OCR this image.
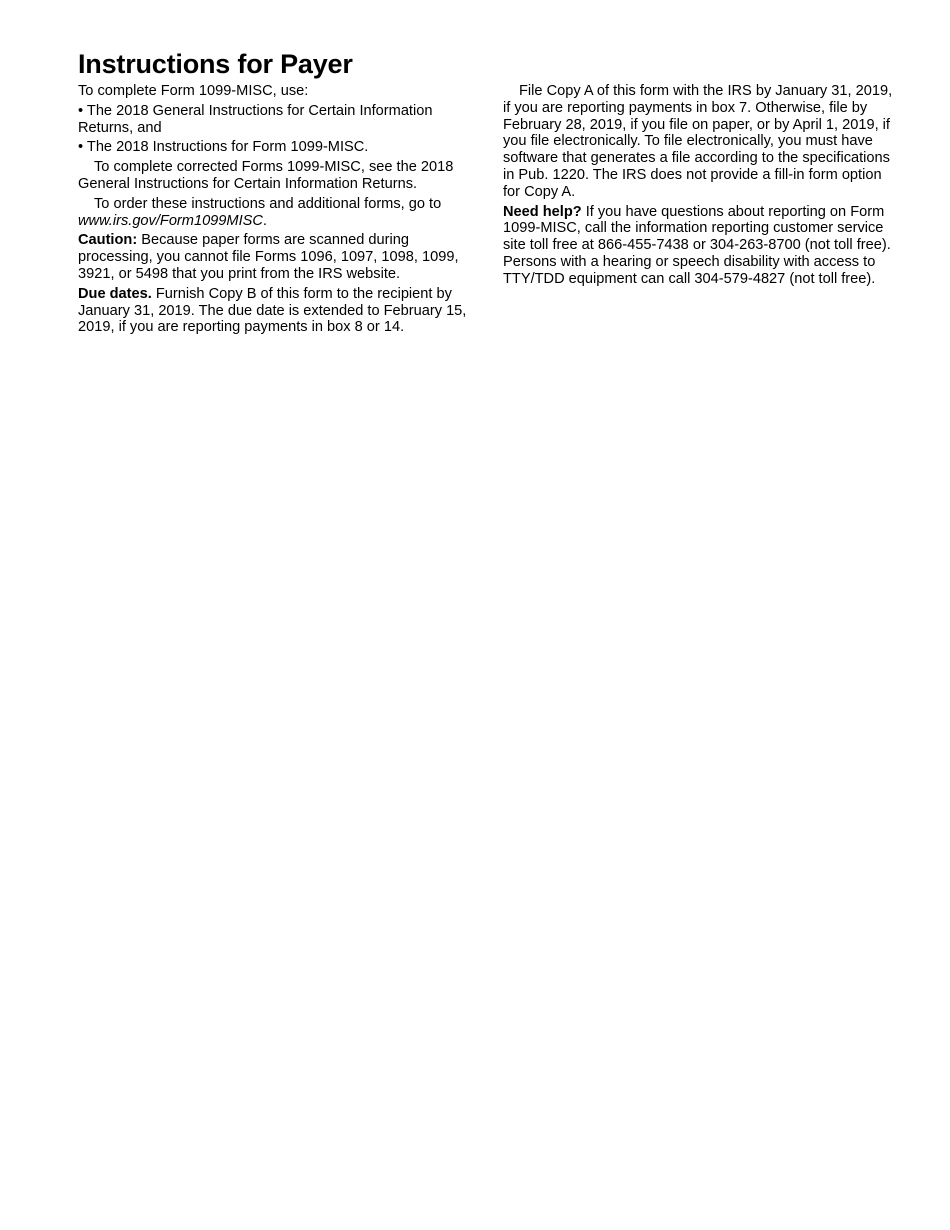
Instructions for Payer

To complete Form 1099-MISC, use:

• The 2018 General Instructions for Certain Information Returns, and

• The 2018 Instructions for Form 1099-MISC.

To complete corrected Forms 1099-MISC, see the 2018 General Instructions for Certain Information Returns.

To order these instructions and additional forms, go to www.irs.gov/Form1099MISC.

Caution: Because paper forms are scanned during processing, you cannot file Forms 1096, 1097, 1098, 1099, 3921, or 5498 that you print from the IRS website.

Due dates. Furnish Copy B of this form to the recipient by January 31, 2019. The due date is extended to February 15, 2019, if you are reporting payments in box 8 or 14.

File Copy A of this form with the IRS by January 31, 2019, if you are reporting payments in box 7. Otherwise, file by February 28, 2019, if you file on paper, or by April 1, 2019, if you file electronically. To file electronically, you must have software that generates a file according to the specifications in Pub. 1220. The IRS does not provide a fill-in form option for Copy A.

Need help? If you have questions about reporting on Form 1099-MISC, call the information reporting customer service site toll free at 866-455-7438 or 304-263-8700 (not toll free). Persons with a hearing or speech disability with access to TTY/TDD equipment can call 304-579-4827 (not toll free).
